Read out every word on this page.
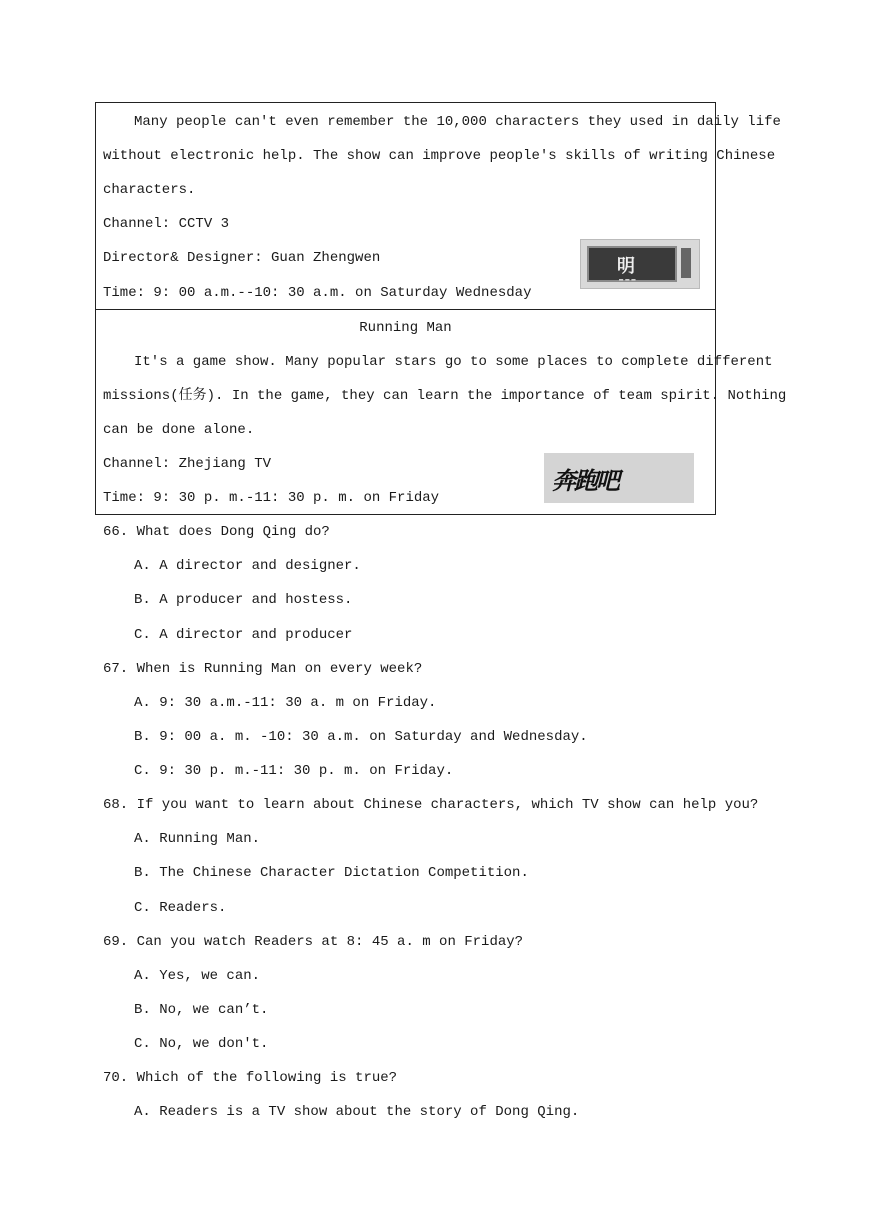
Many people can't even remember the 10,000 characters they used in daily life
without electronic help. The show can improve people's skills of writing Chinese
characters.
Channel: CCTV 3
Director& Designer: Guan Zhengwen
Time: 9: 00 a.m.--10: 30 a.m. on Saturday Wednesday
明
▬▬▬
Running Man
It's a game show. Many popular stars go to some places to complete different
missions(任务). In the game, they can learn the importance of team spirit. Nothing
can be done alone.
Channel: Zhejiang TV
Time: 9: 30 p. m.-11: 30 p. m. on Friday
奔跑吧
66. What does Dong Qing do?
A. A director and designer.
B. A producer and hostess.
C. A director and producer
67. When is Running Man on every week?
A. 9: 30 a.m.-11: 30 a. m on Friday.
B. 9: 00 a. m. -10: 30 a.m. on Saturday and Wednesday.
C. 9: 30 p. m.-11: 30 p. m. on Friday.
68. If you want to learn about Chinese characters, which TV show can help you?
A. Running Man.
B. The Chinese Character Dictation Competition.
C. Readers.
69. Can you watch Readers at 8: 45 a. m on Friday?
A. Yes, we can.
B. No, we can’t.
C. No, we don't.
70. Which of the following is true?
A. Readers is a TV show about the story of Dong Qing.
